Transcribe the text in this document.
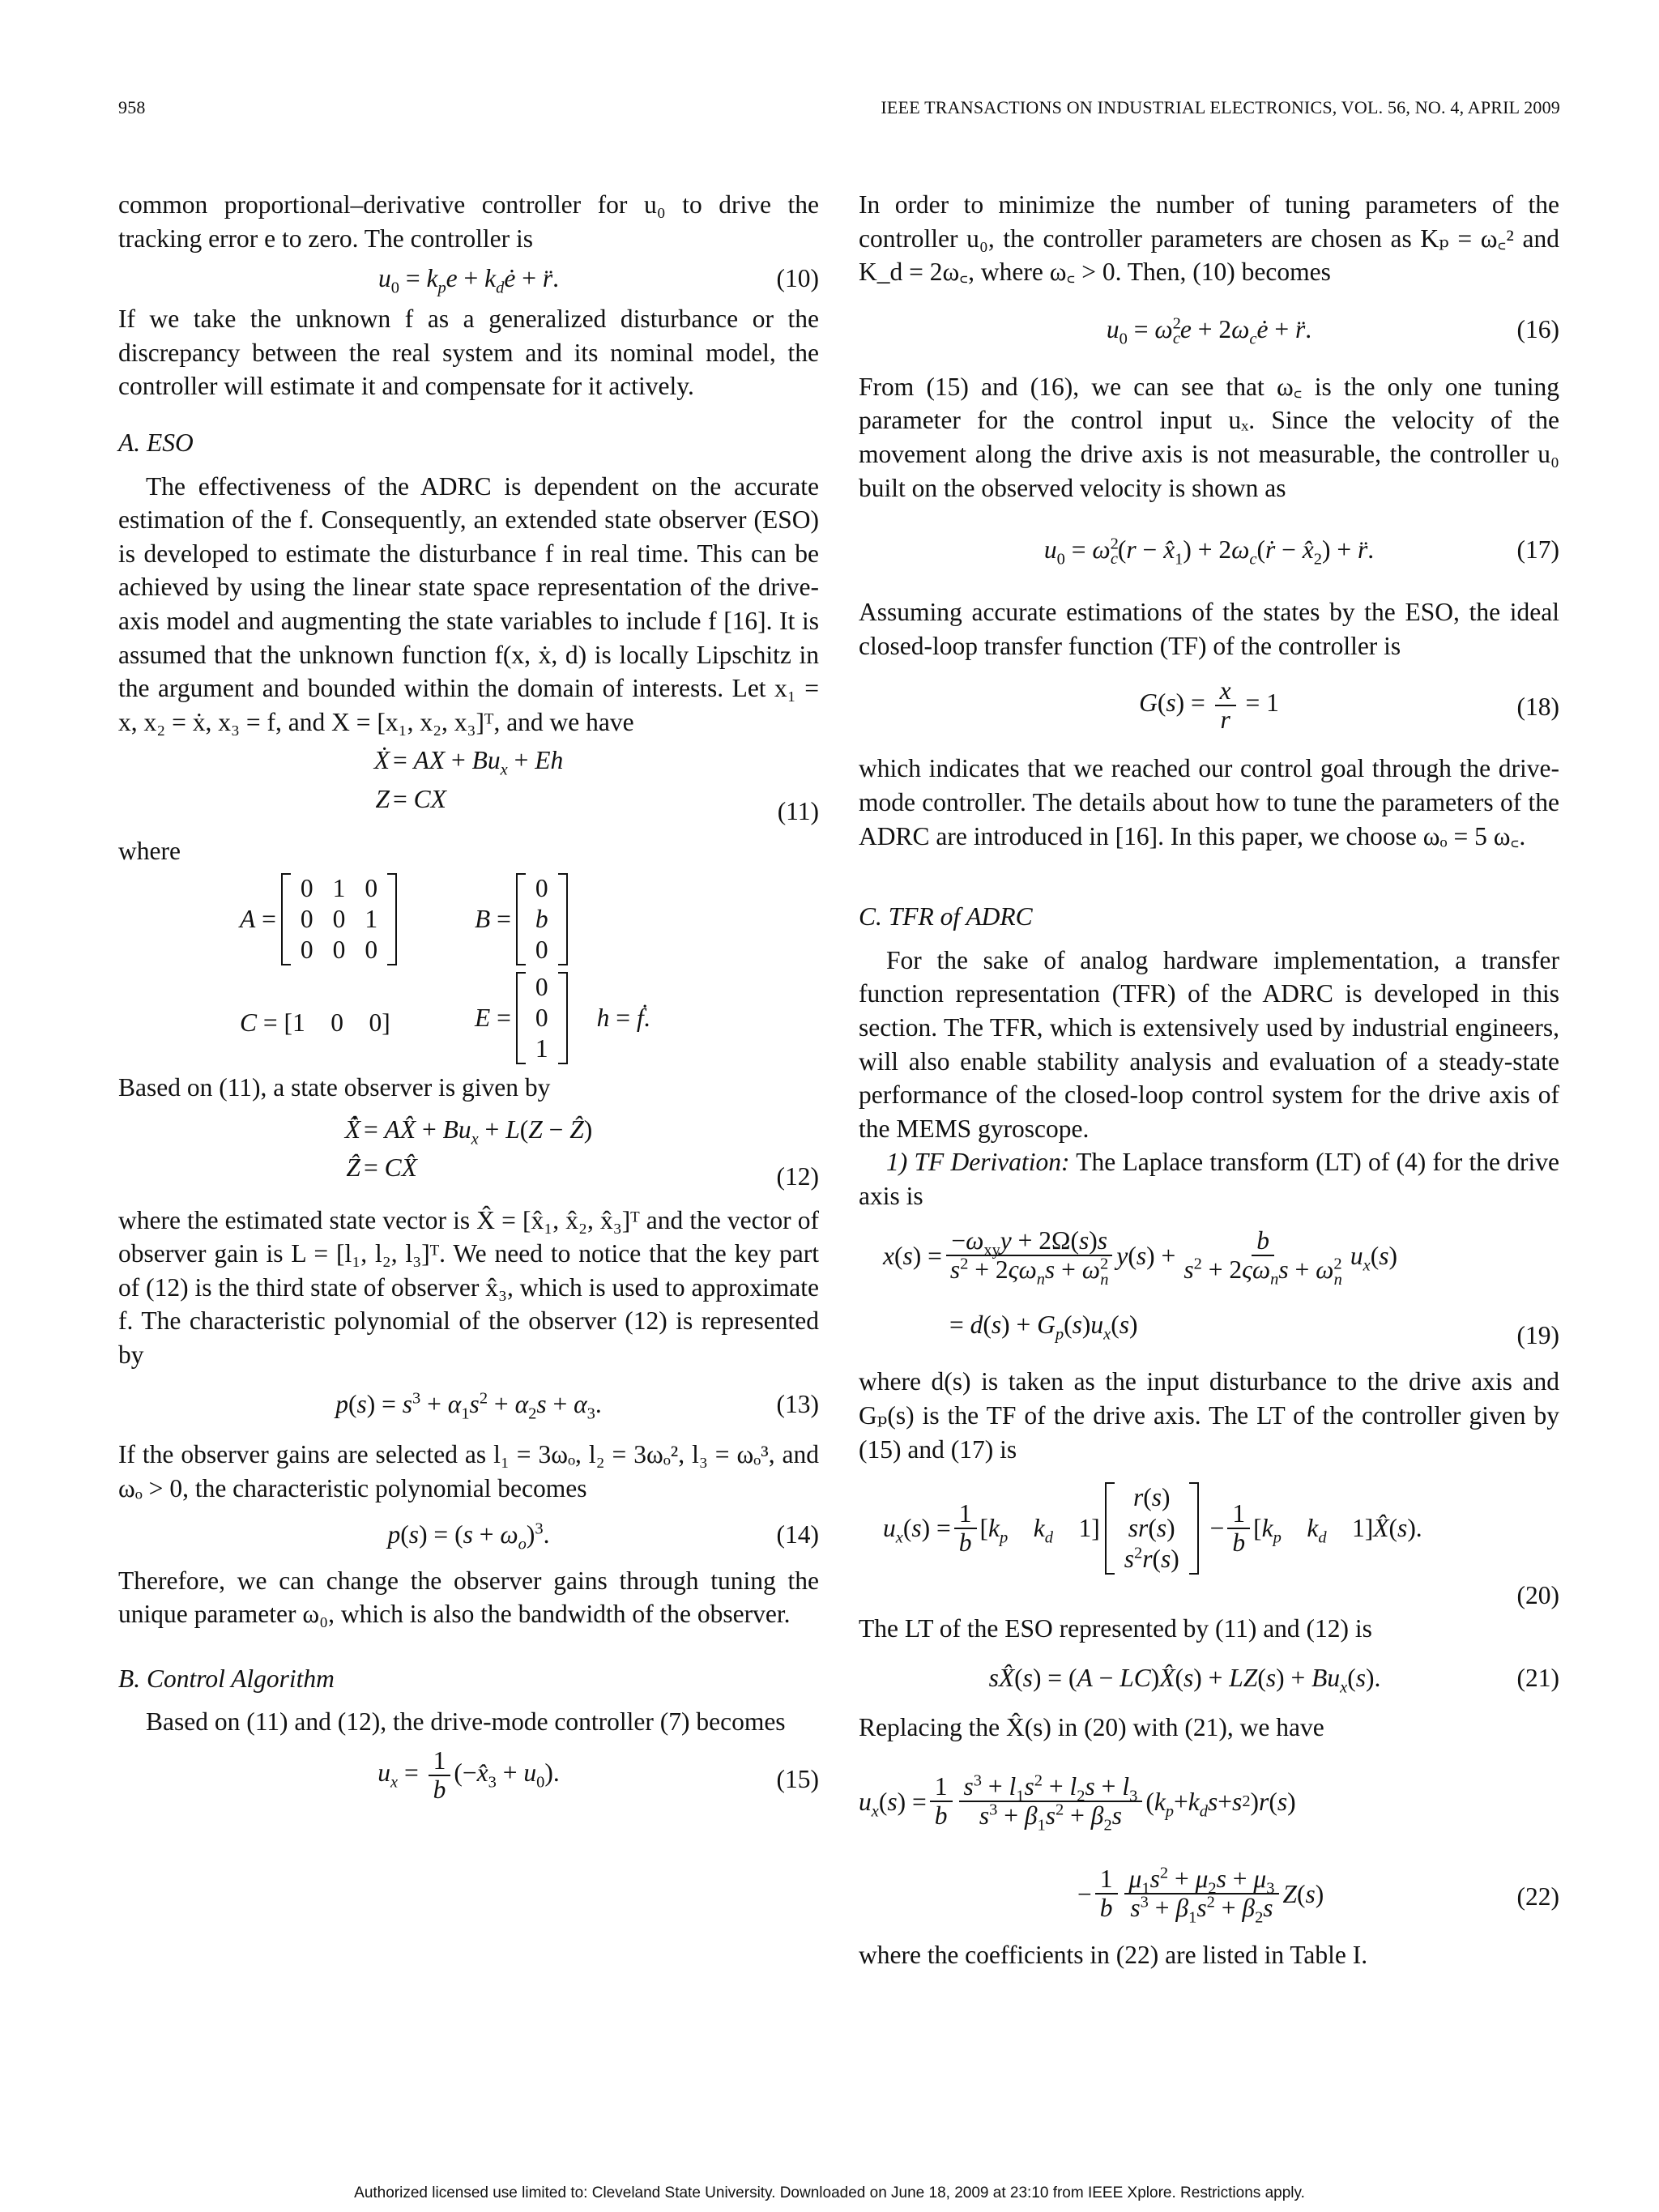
958	IEEE TRANSACTIONS ON INDUSTRIAL ELECTRONICS, VOL. 56, NO. 4, APRIL 2009

common proportional–derivative controller for u₀ to drive the tracking error e to zero. The controller is

$u_0 = k_pe$ + $k_dė$ + r̈.	(10)

If we take the unknown f as a generalized disturbance or the discrepancy between the real system and its nominal model, the controller will estimate it and compensate for it actively.

A. ESO

The effectiveness of the ADRC is dependent on the accurate estimation of the f. Consequently, an extended state observer (ESO) is developed to estimate the disturbance f in real time. This can be achieved by using the linear state space representation of the drive-axis model and augmenting the state variables to include f [16]. It is assumed that the unknown function f(x, ẋ, d) is locally Lipschitz in the argument and bounded within the domain of interests. Let x₁ = x, x₂ = ẋ, x₃ = f, and X = [x₁, x₂, x₃]ᵀ, and we have

Ẋ = AX + $Bu_x + Eh$
Z = CX	(11)

where

A =
0	1	0
0	0	1
0	0	0
B =
0
b
0
C = [1    0    0]	E =
0
0
1
h = ḟ.

Based on (11), a state observer is given by

X̂̇ = AX̂ + $Bu_x + L(Z$ − Ẑ)
Ẑ = CX̂	(12)

where the estimated state vector is X̂ = [x̂₁, x̂₂, x̂₃]ᵀ and the vector of observer gain is L = [l₁, l₂, l₃]ᵀ. We need to notice that the key part of (12) is the third state of observer x̂₃, which is used to approximate f. The characteristic polynomial of the observer (12) is represented by

$p(s) = s^3 + \alpha_1s^2 + \alpha_2s + \alpha_3$.	(13)

If the observer gains are selected as l₁ = 3ωₒ, l₂ = 3ωₒ², l₃ = ωₒ³, and ωₒ > 0, the characteristic polynomial becomes

$p(s) = (s + \omega_o)^3$.	(14)

Therefore, we can change the observer gains through tuning the unique parameter ω₀, which is also the bandwidth of the observer.

B. Control Algorithm

Based on (11) and (12), the drive-mode controller (7) becomes

$u_x = \frac{1}{b}$ $(-x̂_3 + u_0)$.	(15)

In order to minimize the number of tuning parameters of the controller u₀, the controller parameters are chosen as Kₚ = ω꜀² and K_d = 2ω꜀, where ω꜀ > 0. Then, (10) becomes

$u_0 = \omega^2_ce$ + $2\omega_cė$ + r̈.	(16)

From (15) and (16), we can see that ω꜀ is the only one tuning parameter for the control input uₓ. Since the velocity of the movement along the drive axis is not measurable, the controller u₀ built on the observed velocity is shown as

$u_0 = \omega^2_c(r$ − $x̂_1$) + $2\omega_c(ṙ$ − $x̂_2$) + r̈.	(17)

Assuming accurate estimations of the states by the ESO, the ideal closed-loop transfer function (TF) of the controller is

$G(s) = \frac{x}{r} = 1$	(18)

which indicates that we reached our control goal through the drive-mode controller. The details about how to tune the parameters of the ADRC are introduced in [16]. In this paper, we choose ωₒ = 5 ω꜀.

C. TFR of ADRC

For the sake of analog hardware implementation, a transfer function representation (TFR) of the ADRC is developed in this section. The TFR, which is extensively used by industrial engineers, will also enable stability analysis and evaluation of a steady-state performance of the closed-loop control system for the drive axis of the MEMS gyroscope.

1) TF Derivation: The Laplace transform (LT) of (4) for the drive axis is

x ( s ) = $\frac{-\omega_{xy}y + 2\Omega(s)s}{s^2 + 2\varsigma\omega_ns + \omega^2_n}$ y ( s ) + $\frac{b}{s^2 + 2\varsigma\omega_ns + \omega^2_n} u_x$ ( s )
= $d(s) + G_p(s)u_x(s)$	(19)

where d(s) is taken as the input disturbance to the drive axis and Gₚ(s) is the TF of the drive axis. The LT of the controller given by (15) and (17) is

$u_x$ ( s ) = $\frac{1}{b}$ [ $k_p$
$k_d$ 1]
r(s)
sr(s)
$s^2r(s)$
− $\frac{1}{b}$ [ $k_p$
$k_d$ 1] X̂ ( s ).
(20)

The LT of the ESO represented by (11) and (12) is

sX̂(s) = (A − LC)X̂(s) + $LZ(s) + Bu_x(s)$.	(21)

Replacing the X̂(s) in (20) with (21), we have

$u_x$ ( s ) = $\frac{1}{b} \frac{s^3 + l_1s^2 + l_2s + l_3}{s^3 + \beta_1s^2 + \beta_2s}$ ( $k_p + k_ds + s$ 2 ) r ( s )
− $\frac{1}{b} \frac{\mu_1s^2 + \mu_2s + \mu_3}{s^3 + \beta_1s^2 + \beta_2s}$ Z ( s )	(22)

where the coefficients in (22) are listed in Table I.

Authorized licensed use limited to: Cleveland State University. Downloaded on June 18, 2009 at 23:10 from IEEE Xplore. Restrictions apply.
